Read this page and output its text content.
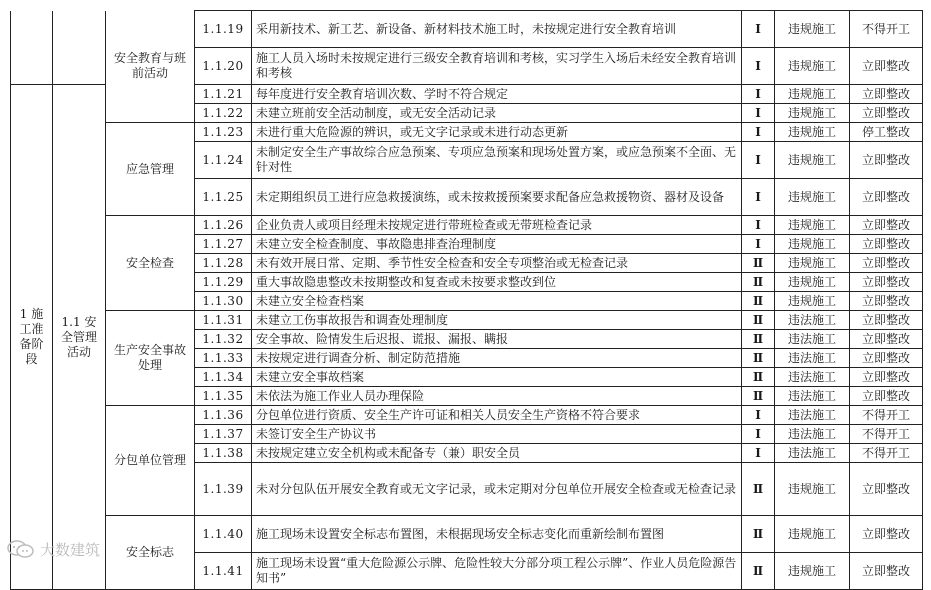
		安全教育与班前活动	1.1.19	采用新技术、新工艺、新设备、新材料技术施工时，未按规定进行安全教育培训	Ⅰ	违规施工	不得开工
			1.1.20	施工人员入场时未按规定进行三级安全教育培训和考核，实习学生入场后未经安全教育培训和考核	Ⅰ	违规施工	立即整改
1 施工准备阶段	1.1 安全管理活动		1.1.21	每年度进行安全教育培训次数、学时不符合规定	Ⅰ	违规施工	立即整改
			1.1.22	未建立班前安全活动制度，或无安全活动记录	Ⅰ	违规施工	立即整改
		应急管理	1.1.23	未进行重大危险源的辨识，或无文字记录或未进行动态更新	Ⅰ	违规施工	停工整改
			1.1.24	未制定安全生产事故综合应急预案、专项应急预案和现场处置方案，或应急预案不全面、无针对性	Ⅰ	违规施工	立即整改
			1.1.25	未定期组织员工进行应急救援演练，或未按救援预案要求配备应急救援物资、器材及设备	Ⅰ	违规施工	立即整改
		安全检查	1.1.26	企业负责人或项目经理未按规定进行带班检查或无带班检查记录	Ⅰ	违规施工	立即整改
			1.1.27	未建立安全检查制度、事故隐患排查治理制度	Ⅰ	违规施工	立即整改
			1.1.28	未有效开展日常、定期、季节性安全检查和安全专项整治或无检查记录	Ⅱ	违规施工	立即整改
			1.1.29	重大事故隐患整改未按期整改和复查或未按要求整改到位	Ⅱ	违规施工	立即整改
			1.1.30	未建立安全检查档案	Ⅱ	违规施工	立即整改
		生产安全事故处理	1.1.31	未建立工伤事故报告和调查处理制度	Ⅱ	违法施工	立即整改
			1.1.32	安全事故、险情发生后迟报、谎报、漏报、瞒报	Ⅱ	违法施工	立即整改
			1.1.33	未按规定进行调查分析、制定防范措施	Ⅱ	违法施工	立即整改
			1.1.34	未建立安全事故档案	Ⅱ	违法施工	立即整改
			1.1.35	未依法为施工作业人员办理保险	Ⅱ	违法施工	立即整改
		分包单位管理	1.1.36	分包单位进行资质、安全生产许可证和相关人员安全生产资格不符合要求	Ⅰ	违法施工	不得开工
			1.1.37	未签订安全生产协议书	Ⅰ	违法施工	不得开工
			1.1.38	未按规定建立安全机构或未配备专（兼）职安全员	Ⅰ	违法施工	不得开工
			1.1.39	未对分包队伍开展安全教育或无文字记录，或未定期对分包单位开展安全检查或无检查记录	Ⅱ	违规施工	立即整改
		安全标志	1.1.40	施工现场未设置安全标志布置图，未根据现场安全标志变化而重新绘制布置图	Ⅱ	违规施工	立即整改
			1.1.41	施工现场未设置“重大危险源公示牌、危险性较大分部分项工程公示牌”、作业人员危险源告知书”	Ⅱ	违规施工	立即整改
大数建筑
